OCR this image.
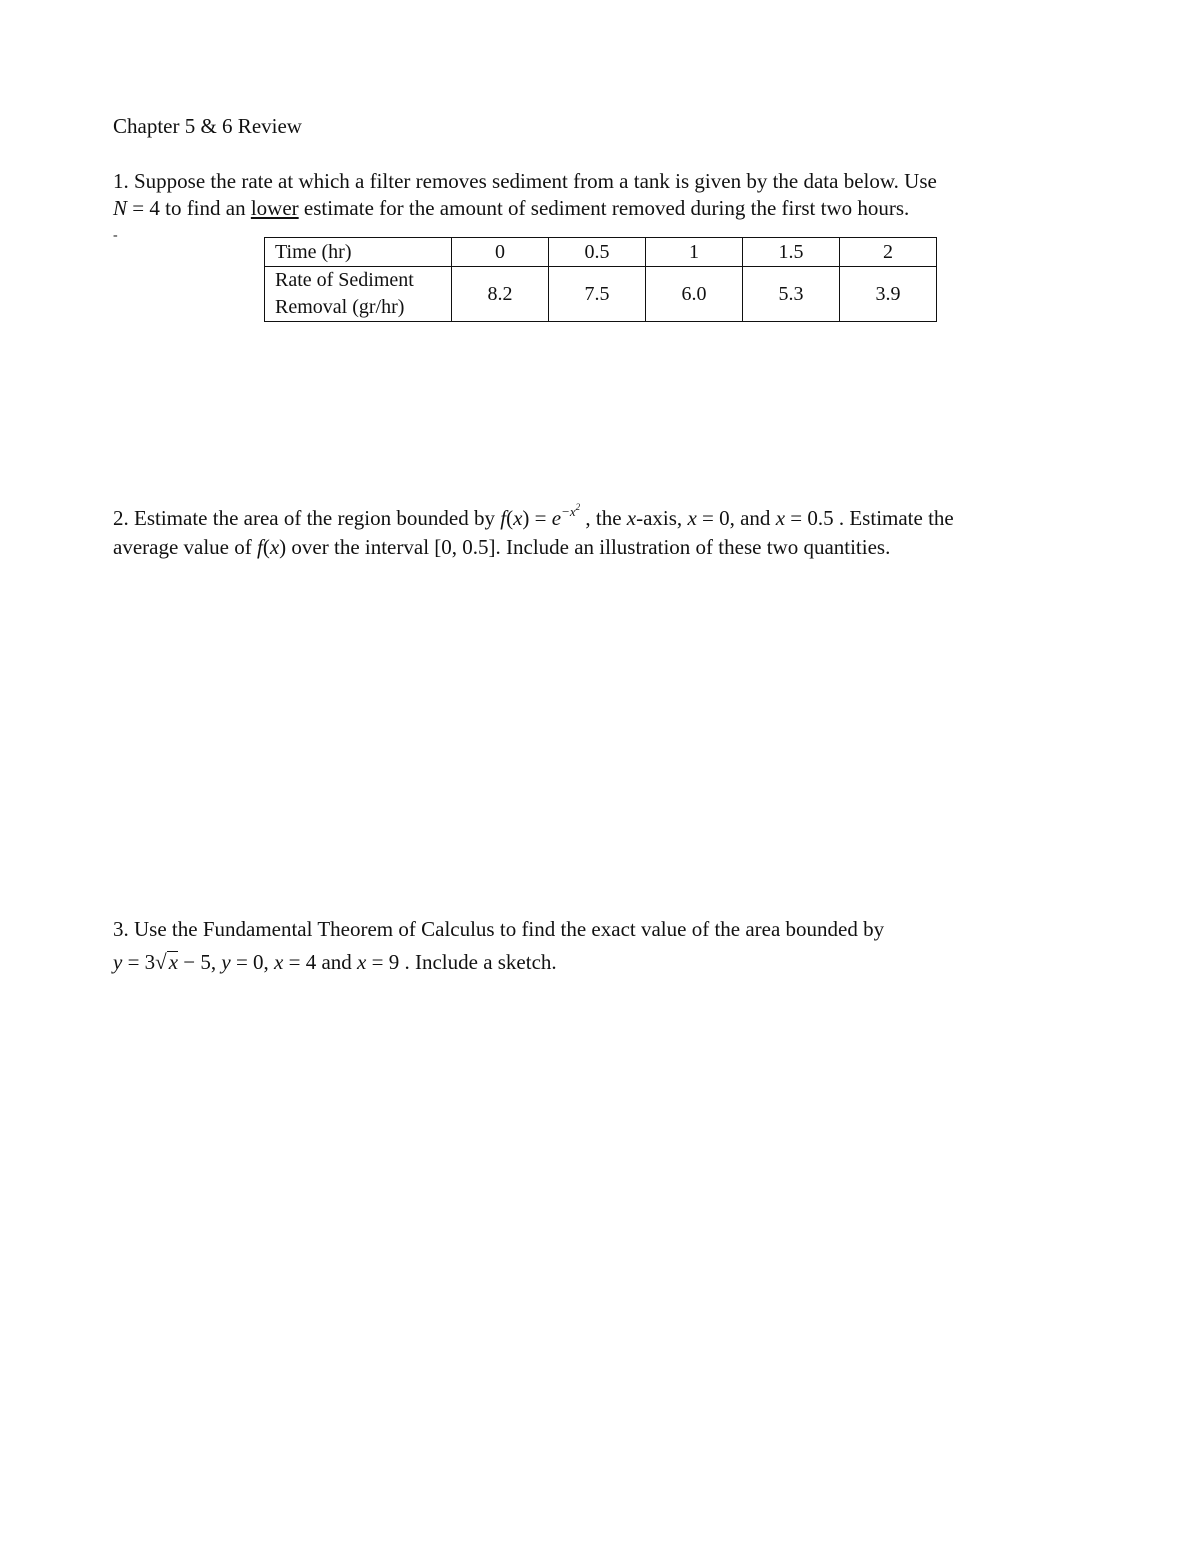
Chapter 5 & 6 Review
1. Suppose the rate at which a filter removes sediment from a tank is given by the data below. Use
N = 4 to find an lower estimate for the amount of sediment removed during the first two hours.
-
Time (hr)	0	0.5	1	1.5	2
Rate of Sediment
Removal (gr/hr)	8.2	7.5	6.0	5.3	3.9
2. Estimate the area of the region bounded by $f(x) = e^{-x^2}$ , the x-axis, x = 0, and x = 0.5 . Estimate the
average value of f(x) over the interval [0, 0.5]. Include an illustration of these two quantities.
3. Use the Fundamental Theorem of Calculus to find the exact value of the area bounded by
y = 3√x − 5, y = 0, x = 4 and x = 9 . Include a sketch.
